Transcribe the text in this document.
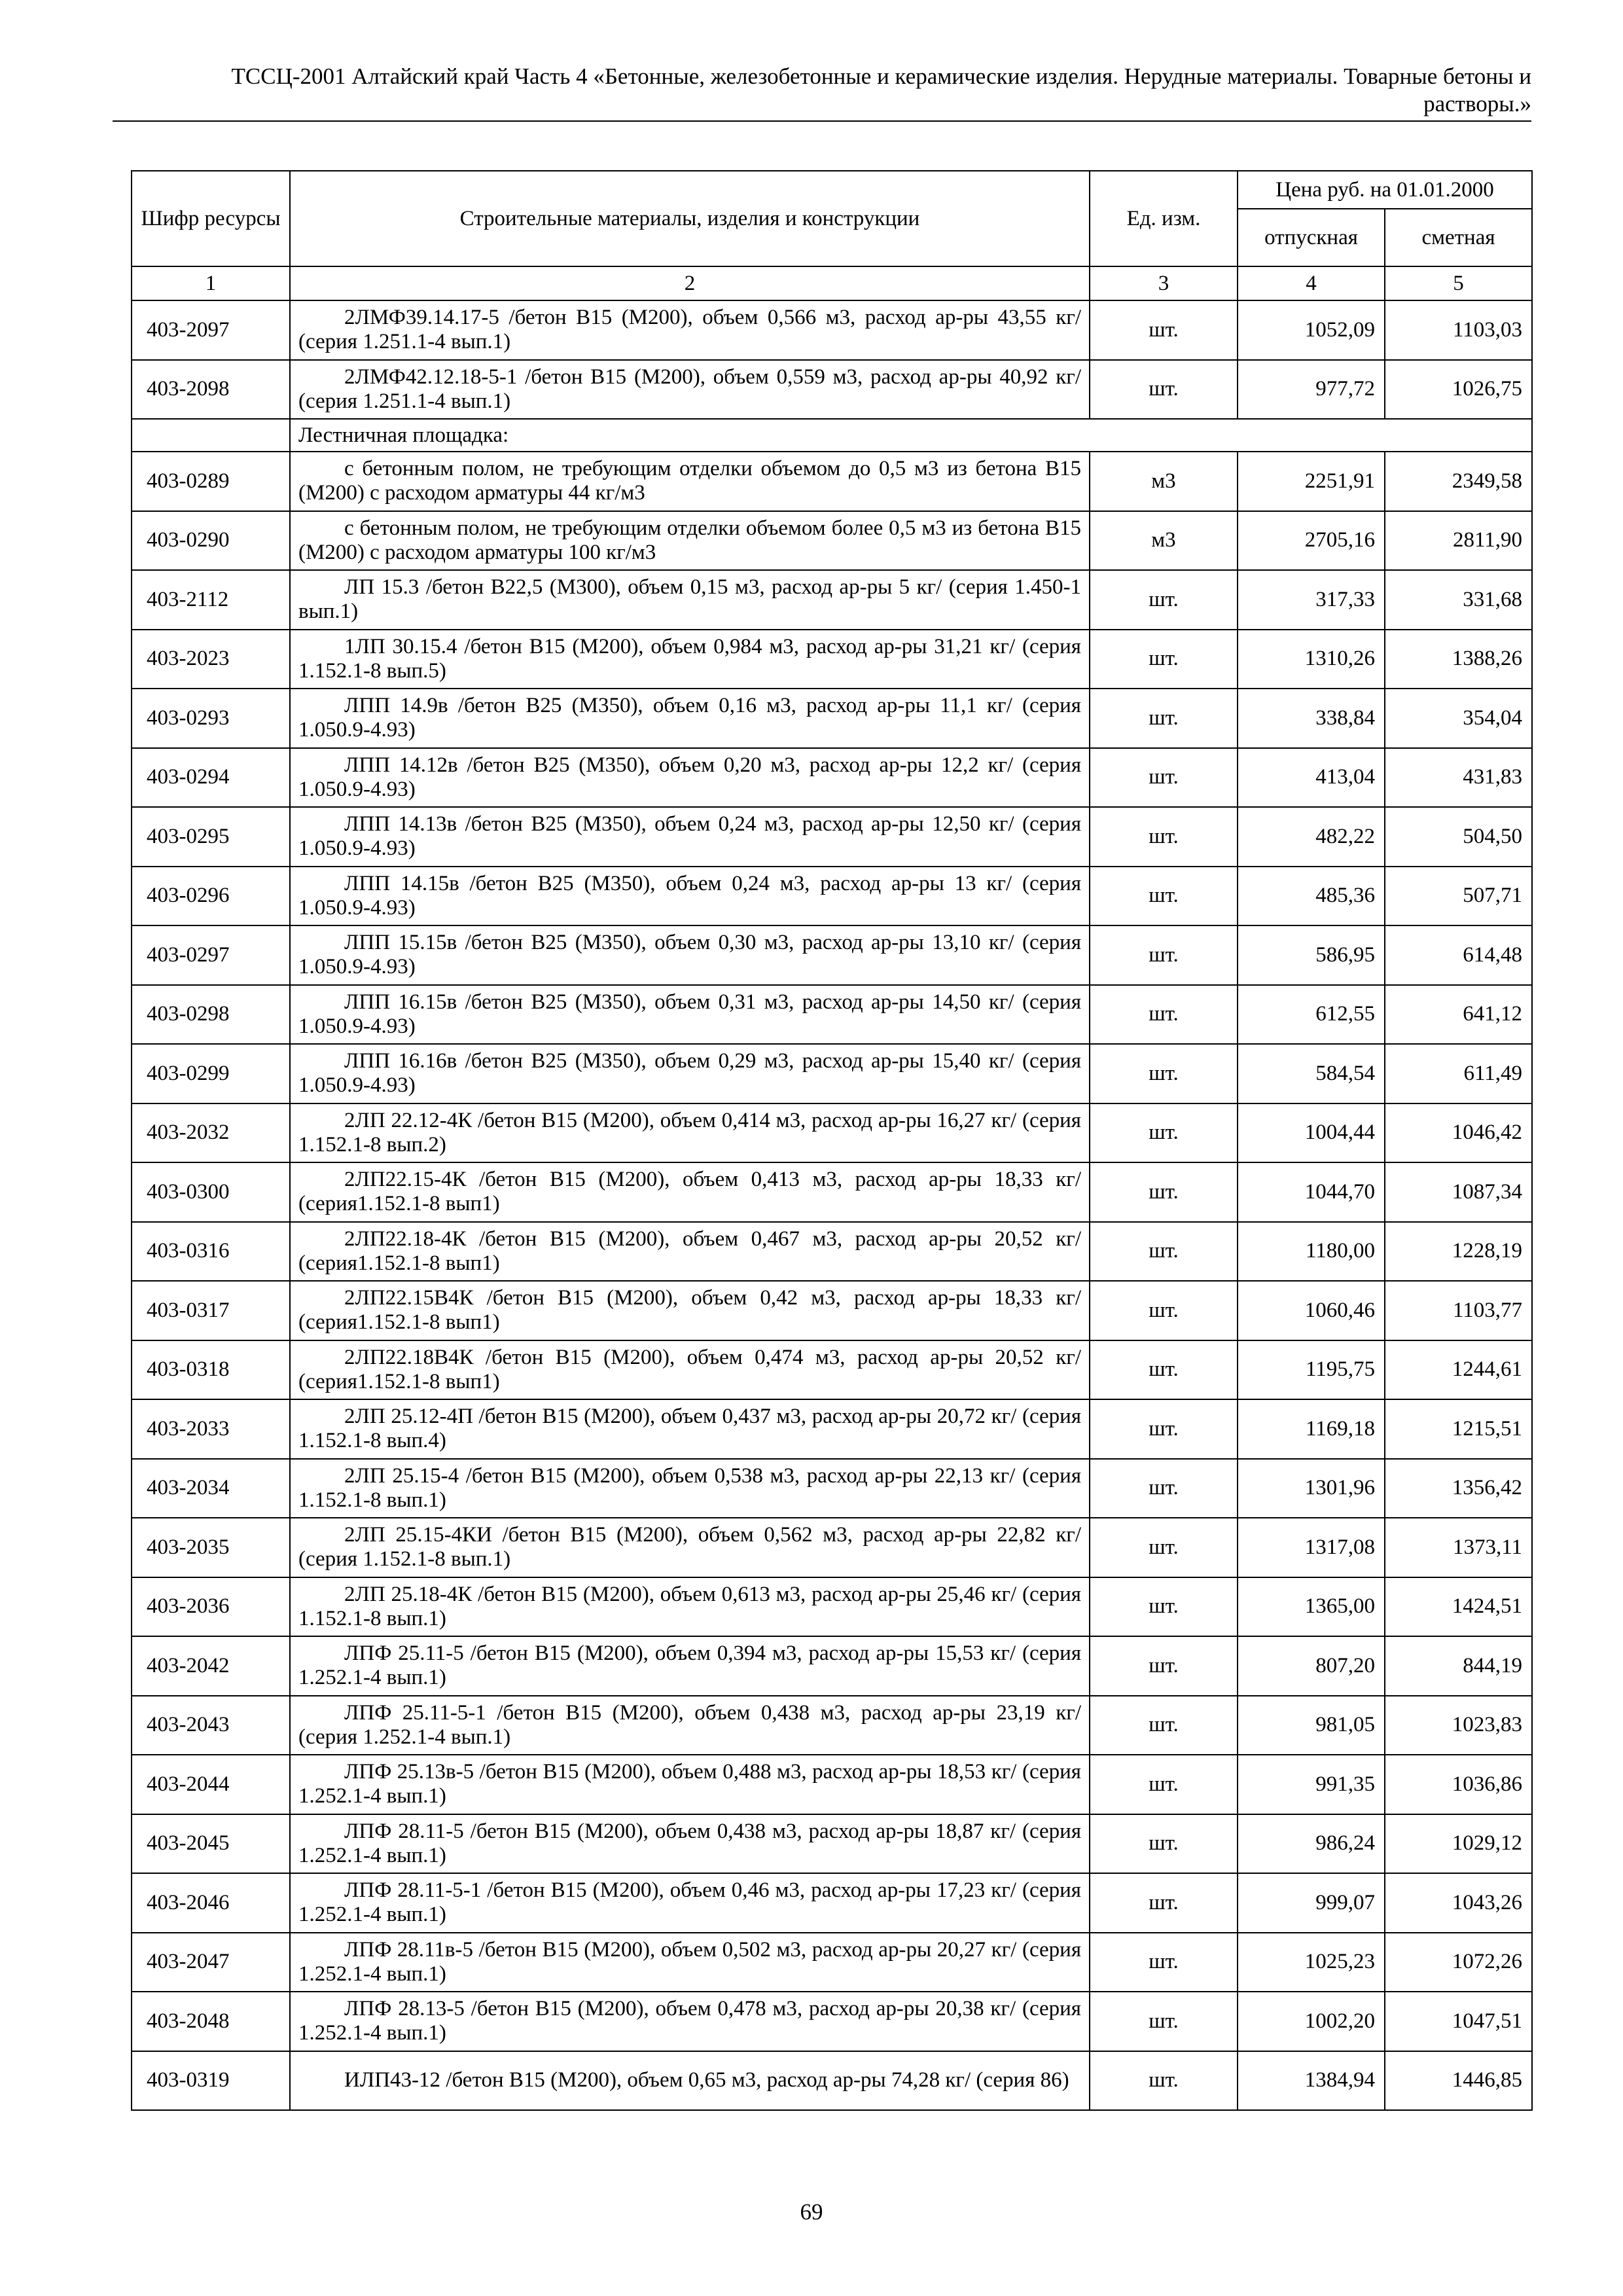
ТССЦ-2001 Алтайский край Часть 4 «Бетонные, железобетонные и керамические изделия. Нерудные материалы. Товарные бетоны и
растворы.»
Шифр ресурсы	Строительные материалы, изделия и конструкции	Ед. изм.	Цена руб. на 01.01.2000	
			отпускная	сметная
1	2	3	4	5
403-2097	2ЛМФ39.14.17-5 /бетон В15 (М200), объем 0,566 м3, расход ар-ры 43,55 кг/ (серия 1.251.1-4 вып.1)	шт.	1052,09	1103,03
403-2098	2ЛМФ42.12.18-5-1 /бетон В15 (М200), объем 0,559 м3, расход ар-ры 40,92 кг/ (серия 1.251.1-4 вып.1)	шт.	977,72	1026,75
	Лестничная площадка:			
403-0289	с бетонным полом, не требующим отделки объемом до 0,5 м3 из бетона В15 (М200) с расходом арматуры 44 кг/м3	м3	2251,91	2349,58
403-0290	с бетонным полом, не требующим отделки объемом более 0,5 м3 из бетона В15 (М200) с расходом арматуры 100 кг/м3	м3	2705,16	2811,90
403-2112	ЛП 15.3 /бетон В22,5 (М300), объем 0,15 м3, расход ар-ры 5 кг/ (серия 1.450-1 вып.1)	шт.	317,33	331,68
403-2023	1ЛП 30.15.4 /бетон В15 (М200), объем 0,984 м3, расход ар-ры 31,21 кг/ (серия 1.152.1-8 вып.5)	шт.	1310,26	1388,26
403-0293	ЛПП 14.9в /бетон В25 (М350), объем 0,16 м3, расход ар-ры 11,1 кг/ (серия 1.050.9-4.93)	шт.	338,84	354,04
403-0294	ЛПП 14.12в /бетон В25 (М350), объем 0,20 м3, расход ар-ры 12,2 кг/ (серия 1.050.9-4.93)	шт.	413,04	431,83
403-0295	ЛПП 14.13в /бетон В25 (М350), объем 0,24 м3, расход ар-ры 12,50 кг/ (серия 1.050.9-4.93)	шт.	482,22	504,50
403-0296	ЛПП 14.15в /бетон В25 (М350), объем 0,24 м3, расход ар-ры 13 кг/ (серия 1.050.9-4.93)	шт.	485,36	507,71
403-0297	ЛПП 15.15в /бетон В25 (М350), объем 0,30 м3, расход ар-ры 13,10 кг/ (серия 1.050.9-4.93)	шт.	586,95	614,48
403-0298	ЛПП 16.15в /бетон В25 (М350), объем 0,31 м3, расход ар-ры 14,50 кг/ (серия 1.050.9-4.93)	шт.	612,55	641,12
403-0299	ЛПП 16.16в /бетон В25 (М350), объем 0,29 м3, расход ар-ры 15,40 кг/ (серия 1.050.9-4.93)	шт.	584,54	611,49
403-2032	2ЛП 22.12-4К /бетон В15 (М200), объем 0,414 м3, расход ар-ры 16,27 кг/ (серия 1.152.1-8 вып.2)	шт.	1004,44	1046,42
403-0300	2ЛП22.15-4К /бетон В15 (М200), объем 0,413 м3, расход ар-ры 18,33 кг/ (серия1.152.1-8 вып1)	шт.	1044,70	1087,34
403-0316	2ЛП22.18-4К /бетон В15 (М200), объем 0,467 м3, расход ар-ры 20,52 кг/ (серия1.152.1-8 вып1)	шт.	1180,00	1228,19
403-0317	2ЛП22.15В4К /бетон В15 (М200), объем 0,42 м3, расход ар-ры 18,33 кг/ (серия1.152.1-8 вып1)	шт.	1060,46	1103,77
403-0318	2ЛП22.18В4К /бетон В15 (М200), объем 0,474 м3, расход ар-ры 20,52 кг/ (серия1.152.1-8 вып1)	шт.	1195,75	1244,61
403-2033	2ЛП 25.12-4П /бетон В15 (М200), объем 0,437 м3, расход ар-ры 20,72 кг/ (серия 1.152.1-8 вып.4)	шт.	1169,18	1215,51
403-2034	2ЛП 25.15-4 /бетон В15 (М200), объем 0,538 м3, расход ар-ры 22,13 кг/ (серия 1.152.1-8 вып.1)	шт.	1301,96	1356,42
403-2035	2ЛП 25.15-4КИ /бетон В15 (М200), объем 0,562 м3, расход ар-ры 22,82 кг/ (серия 1.152.1-8 вып.1)	шт.	1317,08	1373,11
403-2036	2ЛП 25.18-4К /бетон В15 (М200), объем 0,613 м3, расход ар-ры 25,46 кг/ (серия 1.152.1-8 вып.1)	шт.	1365,00	1424,51
403-2042	ЛПФ 25.11-5 /бетон В15 (М200), объем 0,394 м3, расход ар-ры 15,53 кг/ (серия 1.252.1-4 вып.1)	шт.	807,20	844,19
403-2043	ЛПФ 25.11-5-1 /бетон В15 (М200), объем 0,438 м3, расход ар-ры 23,19 кг/ (серия 1.252.1-4 вып.1)	шт.	981,05	1023,83
403-2044	ЛПФ 25.13в-5 /бетон В15 (М200), объем 0,488 м3, расход ар-ры 18,53 кг/ (серия 1.252.1-4 вып.1)	шт.	991,35	1036,86
403-2045	ЛПФ 28.11-5 /бетон В15 (М200), объем 0,438 м3, расход ар-ры 18,87 кг/ (серия 1.252.1-4 вып.1)	шт.	986,24	1029,12
403-2046	ЛПФ 28.11-5-1 /бетон В15 (М200), объем 0,46 м3, расход ар-ры 17,23 кг/ (серия 1.252.1-4 вып.1)	шт.	999,07	1043,26
403-2047	ЛПФ 28.11в-5 /бетон В15 (М200), объем 0,502 м3, расход ар-ры 20,27 кг/ (серия 1.252.1-4 вып.1)	шт.	1025,23	1072,26
403-2048	ЛПФ 28.13-5 /бетон В15 (М200), объем 0,478 м3, расход ар-ры 20,38 кг/ (серия 1.252.1-4 вып.1)	шт.	1002,20	1047,51
403-0319	ИЛП43-12 /бетон В15 (М200), объем 0,65 м3, расход ар-ры 74,28 кг/ (серия 86)	шт.	1384,94	1446,85
69
